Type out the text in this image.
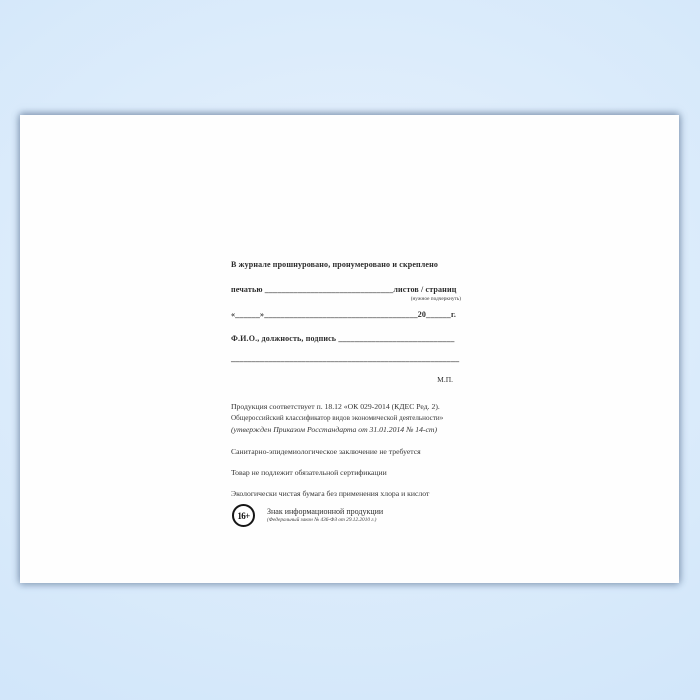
В журнале прошнуровано, пронумеровано и скреплено
печатью _______________________________листов / страниц
(нужное подчеркнуть)
«______»_____________________________________20______г.
Ф.И.О., должность, подпись ____________________________
_______________________________________________________
М.П.
Продукция соответствует п. 18.12 «ОК 029-2014 (КДЕС Ред. 2).
Общероссийский классификатор видов экономической деятельности»
(утвержден Приказом Росстандарта от 31.01.2014 № 14-ст)
Санитарно-эпидемиологическое заключение не требуется
Товар не подлежит обязательной сертификации
Экологически чистая бумага без применения хлора и кислот
16+	Знак информационной продукции
(Федеральный закон № 436-ФЗ от 29.12.2010 г.)
